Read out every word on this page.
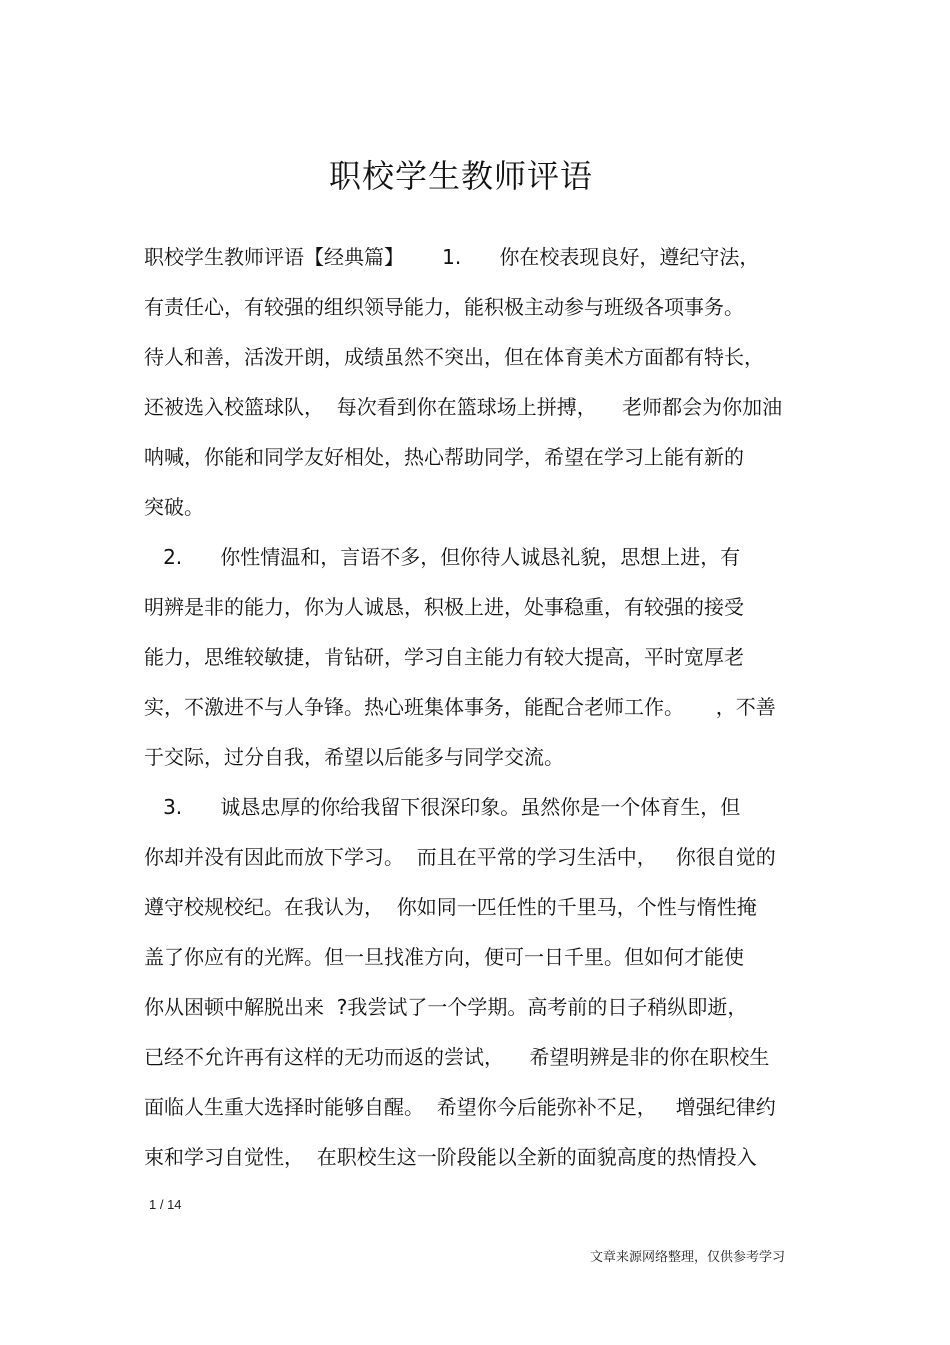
职校学生教师评语
职校学生教师评语【经典篇】      1.      你在校表现良好，遵纪守法，
有责任心，有较强的组织领导能力，能积极主动参与班级各项事务。
待人和善，活泼开朗，成绩虽然不突出，但在体育美术方面都有特长，
还被选入校篮球队，  每次看到你在篮球场上拼搏，    老师都会为你加油
呐喊，你能和同学友好相处，热心帮助同学，希望在学习上能有新的
突破。
2.      你性情温和，言语不多，但你待人诚恳礼貌，思想上进，有
明辨是非的能力，你为人诚恳，积极上进，处事稳重，有较强的接受
能力，思维较敏捷，肯钻研，学习自主能力有较大提高，平时宽厚老
实，不激进不与人争锋。热心班集体事务，能配合老师工作。     ，不善
于交际，过分自我，希望以后能多与同学交流。
3.      诚恳忠厚的你给我留下很深印象。虽然你是一个体育生，但
你却并没有因此而放下学习。  而且在平常的学习生活中，   你很自觉的
遵守校规校纪。在我认为，  你如同一匹任性的千里马，个性与惰性掩
盖了你应有的光辉。但一旦找准方向，便可一日千里。但如何才能使
你从困顿中解脱出来  ?我尝试了一个学期。高考前的日子稍纵即逝，
已经不允许再有这样的无功而返的尝试，    希望明辨是非的你在职校生
面临人生重大选择时能够自醒。  希望你今后能弥补不足，   增强纪律约
束和学习自觉性，  在职校生这一阶段能以全新的面貌高度的热情投入
1 / 14
文章来源网络整理，仅供参考学习
